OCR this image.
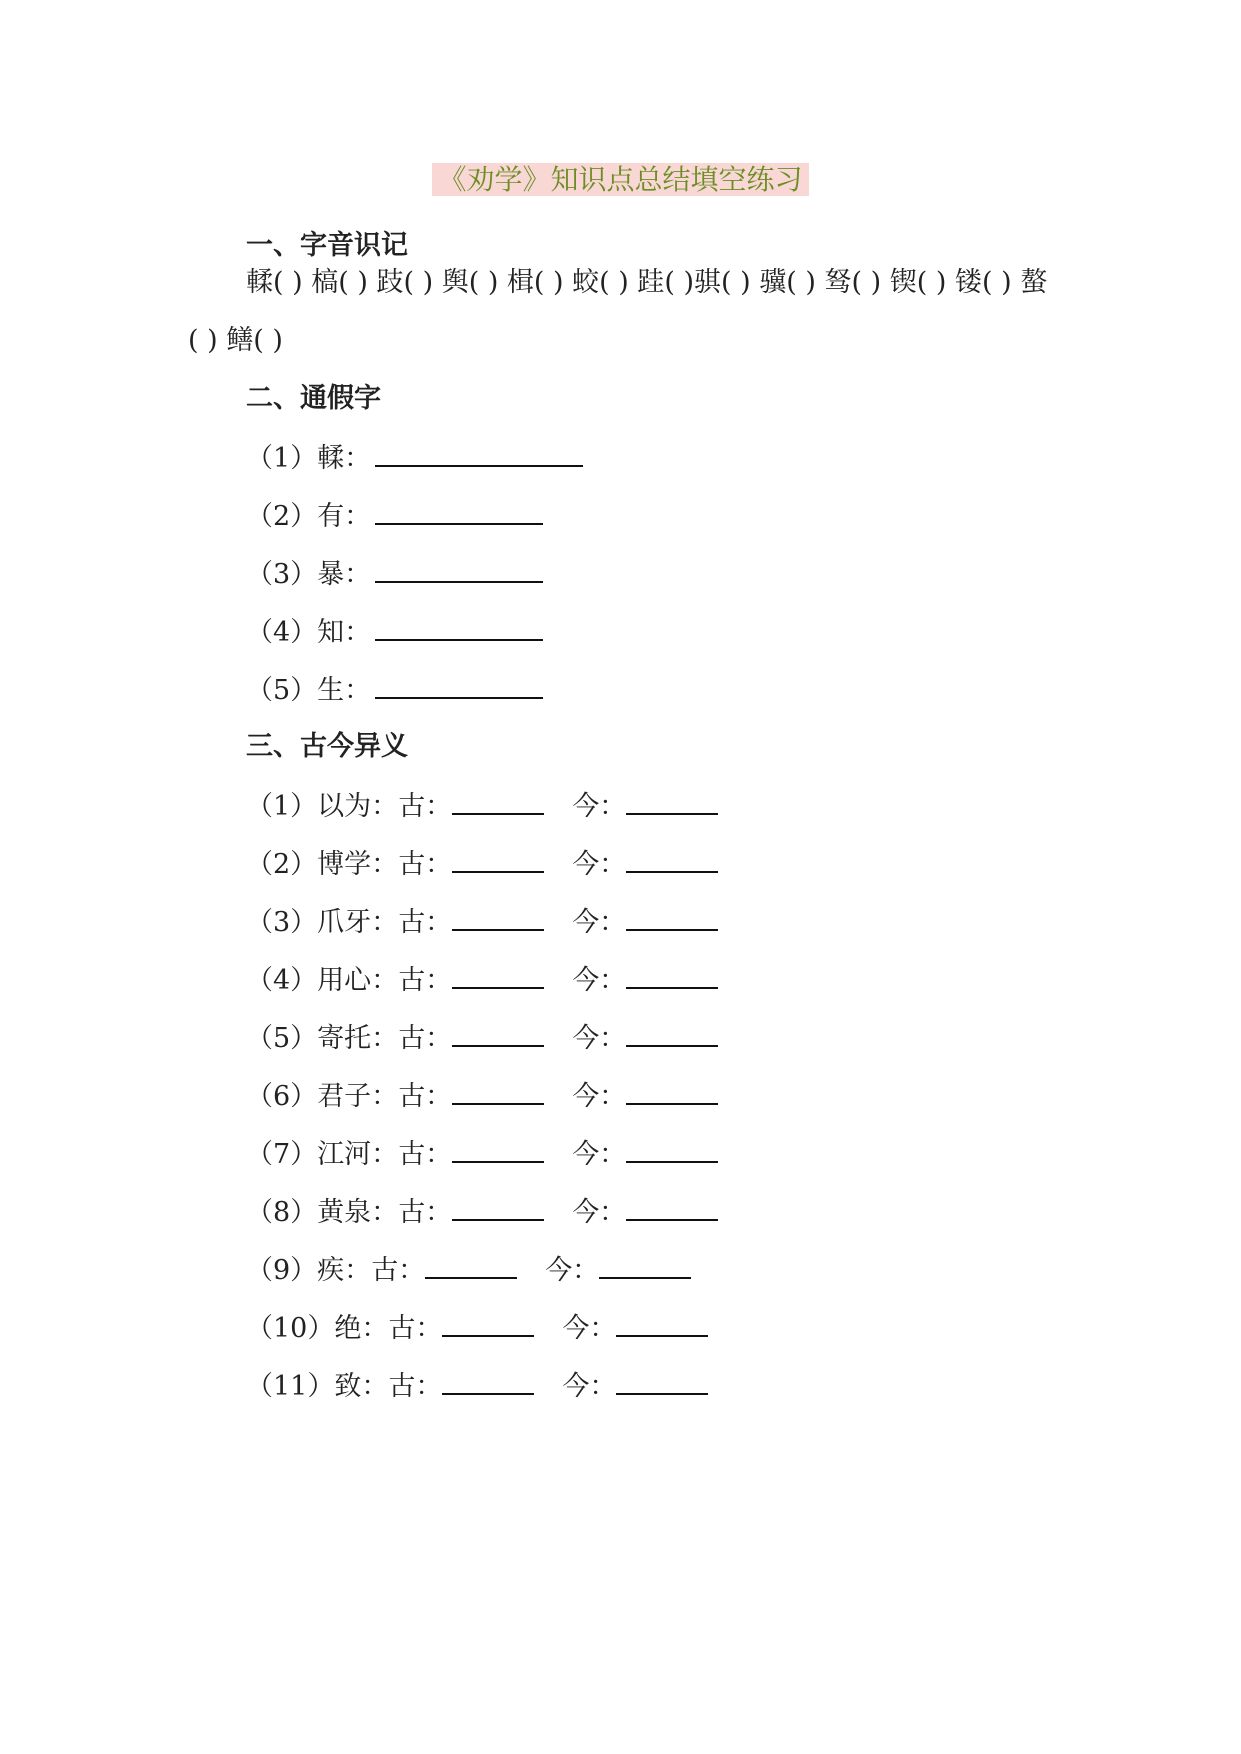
《劝学》知识点总结填空练习
一、字音识记
輮( ) 槁( ) 跂( ) 舆( ) 楫( ) 蛟( ) 跬( )骐( ) 骥( ) 驽( ) 锲( ) 镂( ) 螯
( ) 鳝( )
二、通假字
（1）輮：
（2）有：
（3）暴：
（4）知：
（5）生：
三、古今异义
（1）以为：古：	今：
（2）博学：古：	今：
（3）爪牙：古：	今：
（4）用心：古：	今：
（5）寄托：古：	今：
（6）君子：古：	今：
（7）江河：古：	今：
（8）黄泉：古：	今：
（9）疾：古：	今：
（10）绝：古：	今：
（11）致：古：	今：
